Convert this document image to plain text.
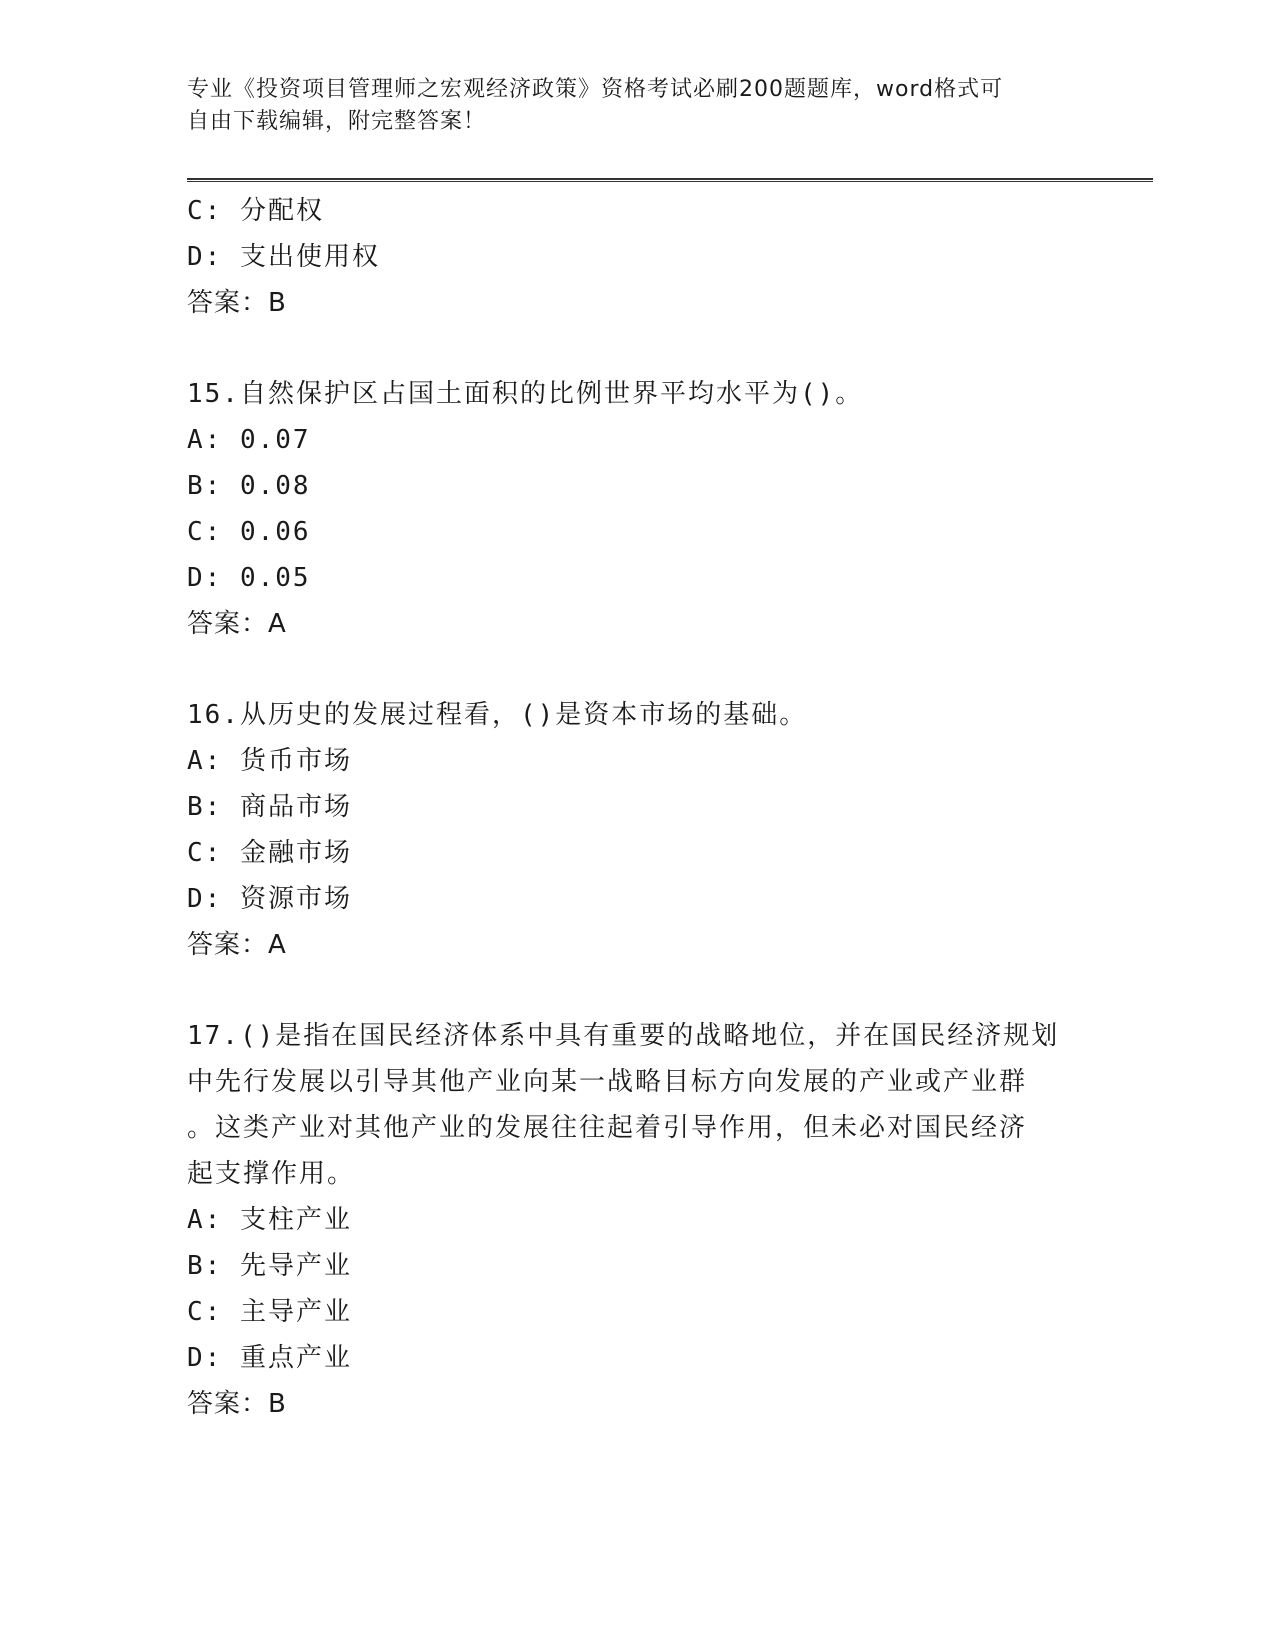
专业《投资项目管理师之宏观经济政策》资格考试必刷200题题库，word格式可
自由下载编辑，附完整答案！
C: 分配权
D: 支出使用权
答案：B
15.自然保护区占国土面积的比例世界平均水平为()。
A: 0.07
B: 0.08
C: 0.06
D: 0.05
答案：A
16.从历史的发展过程看，()是资本市场的基础。
A: 货币市场
B: 商品市场
C: 金融市场
D: 资源市场
答案：A
17.()是指在国民经济体系中具有重要的战略地位，并在国民经济规划
中先行发展以引导其他产业向某一战略目标方向发展的产业或产业群
。这类产业对其他产业的发展往往起着引导作用，但未必对国民经济
起支撑作用。
A: 支柱产业
B: 先导产业
C: 主导产业
D: 重点产业
答案：B
